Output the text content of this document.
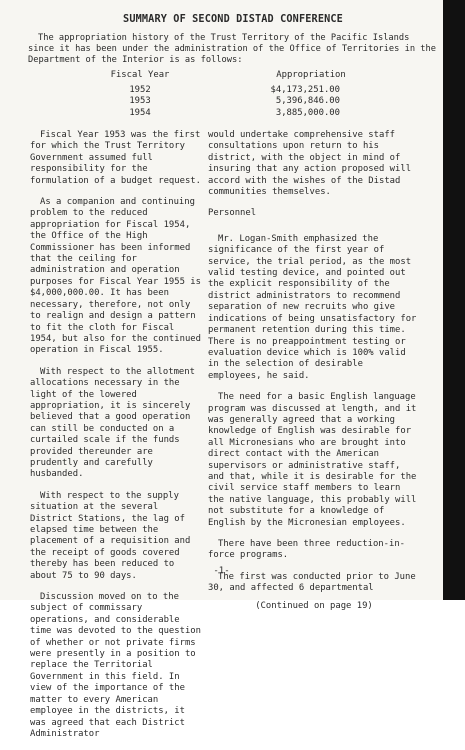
SUMMARY OF SECOND DISTAD CONFERENCE

The appropriation history of the Trust Territory of the Pacific Islands since it has been under the administration of the Office of Territories in the Department of the Interior is as follows:

Fiscal Year
1952
1953
1954
Appropriation
$4,173,251.00
5,396,846.00
3,885,000.00

Fiscal Year 1953 was the first for which the Trust Territory Government assumed full responsibility for the formulation of a budget request.

As a companion and continuing problem to the reduced appropriation for Fiscal 1954, the Office of the High Commissioner has been informed that the ceiling for administration and operation purposes for Fiscal Year 1955 is $4,000,000.00. It has been necessary, therefore, not only to realign and design a pattern to fit the cloth for Fiscal 1954, but also for the continued operation in Fiscal 1955.

With respect to the allotment allocations necessary in the light of the lowered appropriation, it is sincerely believed that a good operation can still be conducted on a curtailed scale if the funds provided thereunder are prudently and carefully husbanded.

With respect to the supply situation at the several District Stations, the lag of elapsed time between the placement of a requisition and the receipt of goods covered thereby has been reduced to about 75 to 90 days.

Discussion moved on to the subject of commissary operations, and considerable time was devoted to the question of whether or not private firms were presently in a position to replace the Territorial Government in this field. In view of the importance of the matter to every American employee in the districts, it was agreed that each District Administrator

would undertake comprehensive staff consultations upon return to his district, with the object in mind of insuring that any action proposed will accord with the wishes of the Distad communities themselves.

Personnel

Mr. Logan-Smith emphasized the significance of the first year of service, the trial period, as the most valid testing device, and pointed out the explicit responsibility of the district administrators to recommend separation of new recruits who give indications of being unsatisfactory for permanent retention during this time. There is no preappointment testing or evaluation device which is 100% valid in the selection of desirable employees, he said.

The need for a basic English language program was discussed at length, and it was generally agreed that a working knowledge of English was desirable for all Micronesians who are brought into direct contact with the American supervisors or administrative staff, and that, while it is desirable for the civil service staff members to learn the native language, this probably will not substitute for a knowledge of English by the Micronesian employees.

There have been three reduction-in-force programs.

The first was conducted prior to June 30, and affected 6 departmental

(Continued on page 19)

-1-
